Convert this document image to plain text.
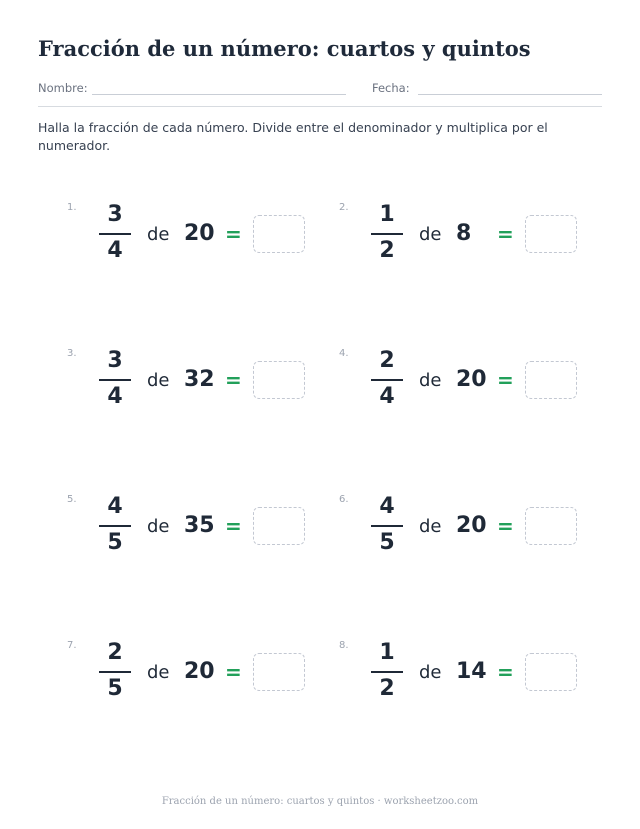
Fracción de un número: cuartos y quintos
Nombre:	Fecha:
Halla la fracción de cada número. Divide entre el denominador y multiplica por el numerador.
1.	3
4
de 20 =
2.	1
2
de 8 =
3.	3
4
de 32 =
4.	2
4
de 20 =
5.	4
5
de 35 =
6.	4
5
de 20 =
7.	2
5
de 20 =
8.	1
2
de 14 =
Fracción de un número: cuartos y quintos · worksheetzoo.com
